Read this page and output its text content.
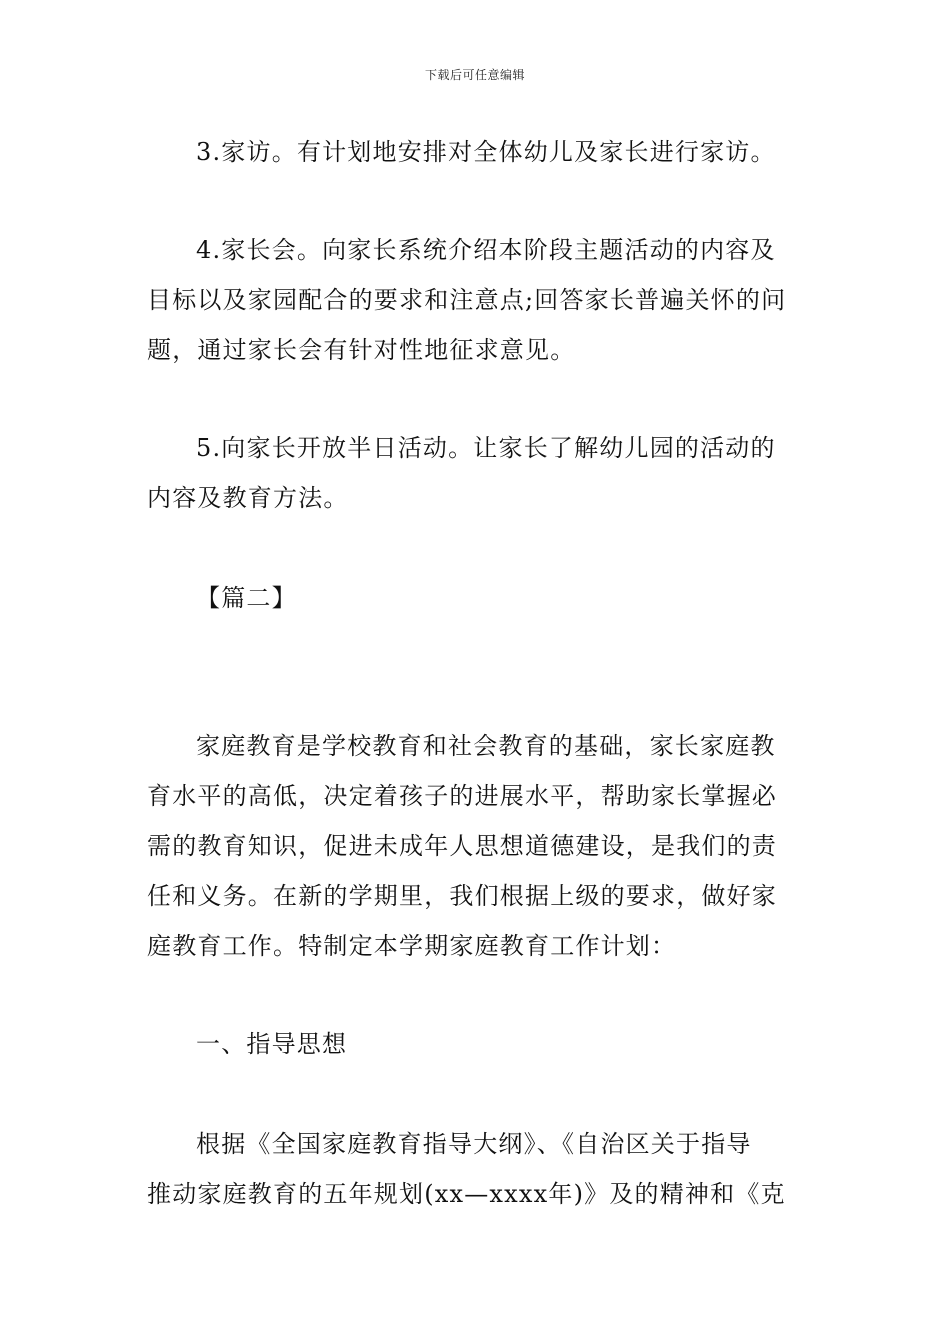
下载后可任意编辑
3.家访。有计划地安排对全体幼儿及家长进行家访。
4.家长会。向家长系统介绍本阶段主题活动的内容及
目标以及家园配合的要求和注意点;回答家长普遍关怀的问
题，通过家长会有针对性地征求意见。
5.向家长开放半日活动。让家长了解幼儿园的活动的
内容及教育方法。
【篇二】
家庭教育是学校教育和社会教育的基础，家长家庭教
育水平的高低，决定着孩子的进展水平，帮助家长掌握必
需的教育知识，促进未成年人思想道德建设，是我们的责
任和义务。在新的学期里，我们根据上级的要求，做好家
庭教育工作。特制定本学期家庭教育工作计划：
一、指导思想
根据《全国家庭教育指导大纲》、《自治区关于指导
推动家庭教育的五年规划(xx—xxxx年)》及的精神和《克
